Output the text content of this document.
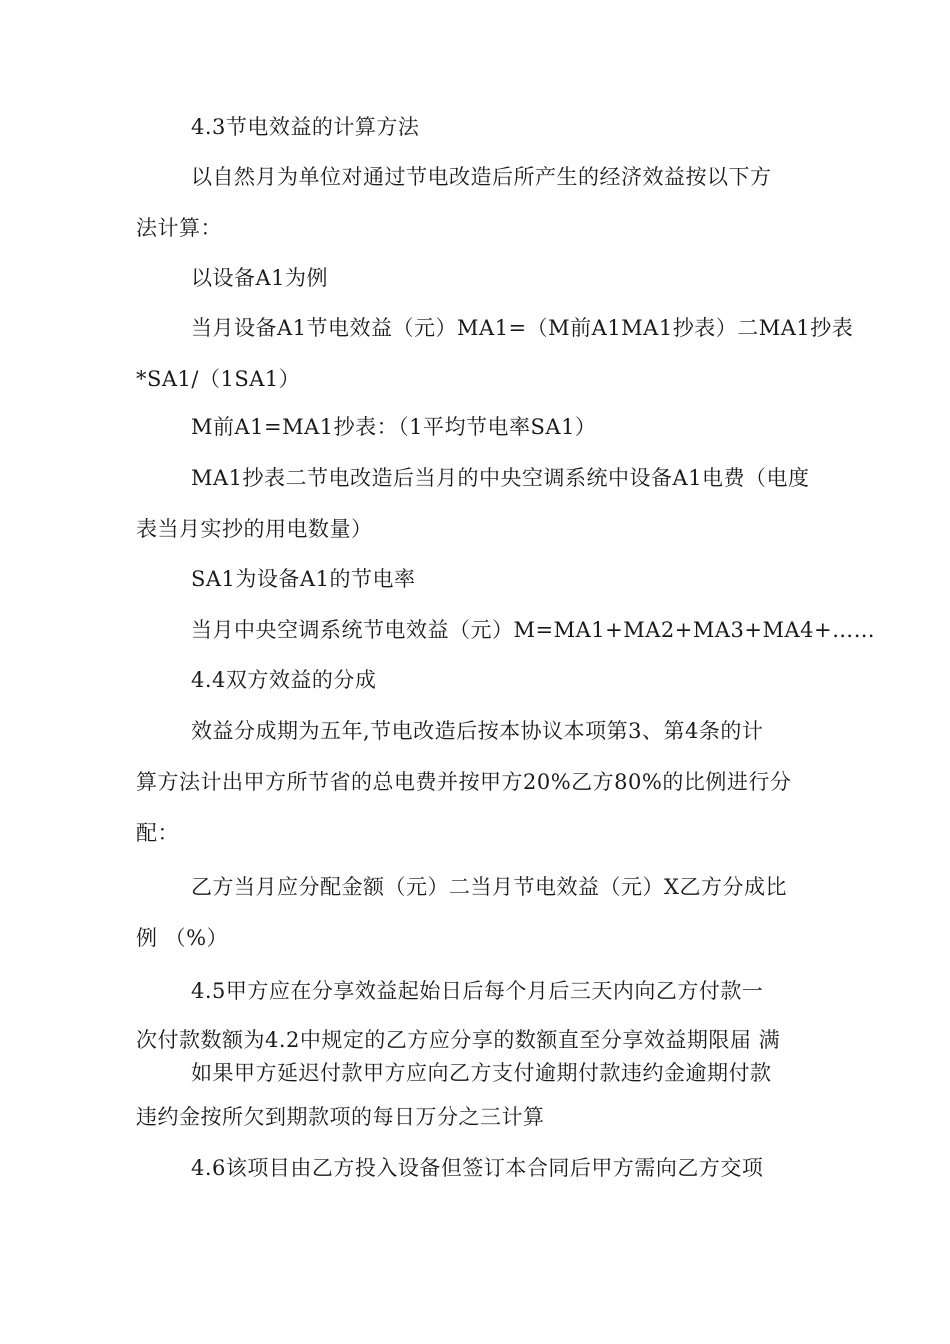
4.3节电效益的计算方法
以自然月为单位对通过节电改造后所产生的经济效益按以下方
法计算：
以设备A1为例
当月设备A1节电效益（元）MA1=（M前A1MA1抄表）二MA1抄表
*SA1/（1SA1）
M前A1=MA1抄表：（1平均节电率SA1）
MA1抄表二节电改造后当月的中央空调系统中设备A1电费（电度
表当月实抄的用电数量）
SA1为设备A1的节电率
当月中央空调系统节电效益（元）M=MA1+MA2+MA3+MA4+……
4.4双方效益的分成
效益分成期为五年,节电改造后按本协议本项第3、第4条的计
算方法计出甲方所节省的总电费并按甲方20%乙方80%的比例进行分
配：
乙方当月应分配金额（元）二当月节电效益（元）X乙方分成比
例 （%）
4.5甲方应在分享效益起始日后每个月后三天内向乙方付款一
次付款数额为4.2中规定的乙方应分享的数额直至分享效益期限届 满
如果甲方延迟付款甲方应向乙方支付逾期付款违约金逾期付款
违约金按所欠到期款项的每日万分之三计算
4.6该项目由乙方投入设备但签订本合同后甲方需向乙方交项
